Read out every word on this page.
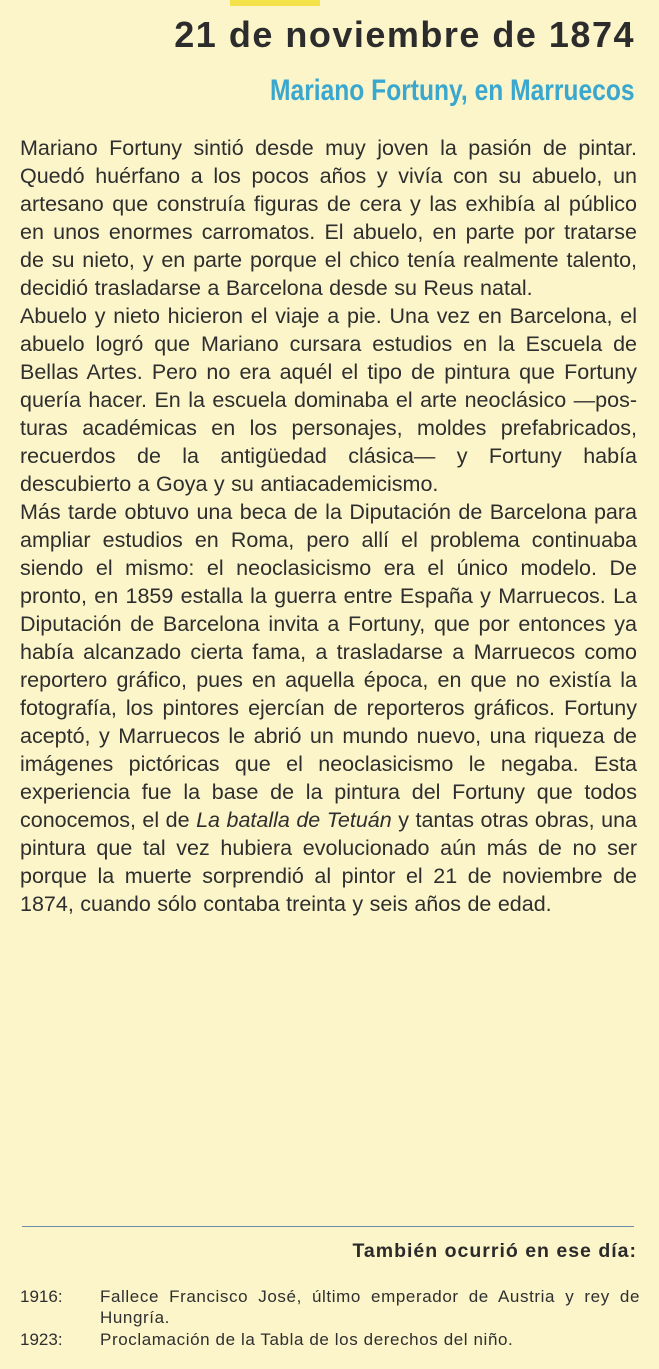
21 de noviembre de 1874
Mariano Fortuny, en Marruecos

Mariano Fortuny sintió desde muy joven la pasión de pintar. Quedó huérfano a los pocos años y vivía con su abuelo, un artesano que construía figuras de cera y las exhibía al público en unos enormes carromatos. El abuelo, en parte por tratarse de su nieto, y en parte porque el chico tenía realmente talento, decidió trasladarse a Barcelona desde su Reus natal.

Abuelo y nieto hicieron el viaje a pie. Una vez en Barcelona, el abuelo logró que Mariano cursara estudios en la Escuela de Bellas Artes. Pero no era aquél el tipo de pintura que Fortuny quería hacer. En la escuela dominaba el arte neoclásico —posturas académicas en los personajes, moldes prefabricados, recuerdos de la antigüedad clásica— y Fortuny había descubierto a Goya y su antiacademicismo.

Más tarde obtuvo una beca de la Diputación de Barcelona para ampliar estudios en Roma, pero allí el problema continuaba siendo el mismo: el neoclasicismo era el único modelo. De pronto, en 1859 estalla la guerra entre España y Marruecos. La Diputación de Barcelona invita a Fortuny, que por entonces ya había alcanzado cierta fama, a trasladarse a Marruecos como reportero gráfico, pues en aquella época, en que no existía la fotografía, los pintores ejercían de reporteros gráficos. Fortuny aceptó, y Marruecos le abrió un mundo nuevo, una riqueza de imágenes pictóricas que el neoclasicismo le negaba. Esta experiencia fue la base de la pintura del Fortuny que todos conocemos, el de La batalla de Tetuán y tantas otras obras, una pintura que tal vez hubiera evolucionado aún más de no ser porque la muerte sorprendió al pintor el 21 de noviembre de 1874, cuando sólo contaba treinta y seis años de edad.

También ocurrió en ese día:
1916:	Fallece Francisco José, último emperador de Austria y rey de Hungría.
1923:	Proclamación de la Tabla de los derechos del niño.
